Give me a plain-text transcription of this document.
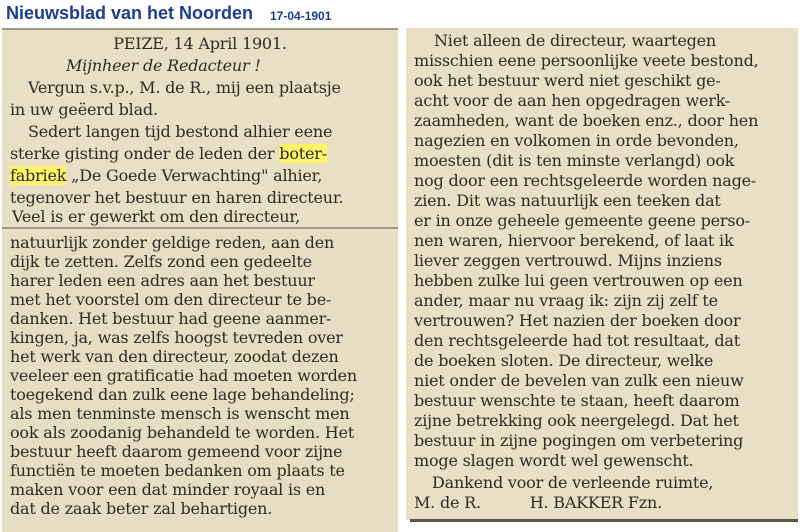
Nieuwsblad van het Noorden 17-04-1901
PEIZE, 14 April 1901.
Mijnheer de Redacteur !
Vergun s.v.p., M. de R., mij een plaatsje
in uw geëerd blad.
Sedert langen tijd bestond alhier eene
sterke gisting onder de leden der boter-
fabriek „De Goede Verwachting" alhier,
tegenover het bestuur en haren directeur.
Veel is er gewerkt om den directeur,
natuurlijk zonder geldige reden, aan den
dijk te zetten. Zelfs zond een gedeelte
harer leden een adres aan het bestuur
met het voorstel om den directeur te be-
danken. Het bestuur had geene aanmer-
kingen, ja, was zelfs hoogst tevreden over
het werk van den directeur, zoodat dezen
veeleer een gratificatie had moeten worden
toegekend dan zulk eene lage behandeling;
als men tenminste mensch is wenscht men
ook als zoodanig behandeld te worden. Het
bestuur heeft daarom gemeend voor zijne
functiën te moeten bedanken om plaats te
maken voor een dat minder royaal is en
dat de zaak beter zal behartigen.
Niet alleen de directeur, waartegen
misschien eene persoonlijke veete bestond,
ook het bestuur werd niet geschikt ge-
acht voor de aan hen opgedragen werk-
zaamheden, want de boeken enz., door hen
nagezien en volkomen in orde bevonden,
moesten (dit is ten minste verlangd) ook
nog door een rechtsgeleerde worden nage-
zien. Dit was natuurlijk een teeken dat
er in onze geheele gemeente geene perso-
nen waren, hiervoor berekend, of laat ik
liever zeggen vertrouwd. Mijns inziens
hebben zulke lui geen vertrouwen op een
ander, maar nu vraag ik: zijn zij zelf te
vertrouwen? Het nazien der boeken door
den rechtsgeleerde had tot resultaat, dat
de boeken sloten. De directeur, welke
niet onder de bevelen van zulk een nieuw
bestuur wenschte te staan, heeft daarom
zijne betrekking ook neergelegd. Dat het
bestuur in zijne pogingen om verbetering
moge slagen wordt wel gewenscht.
Dankend voor de verleende ruimte,
M. de R.          H. BAKKER Fzn.
